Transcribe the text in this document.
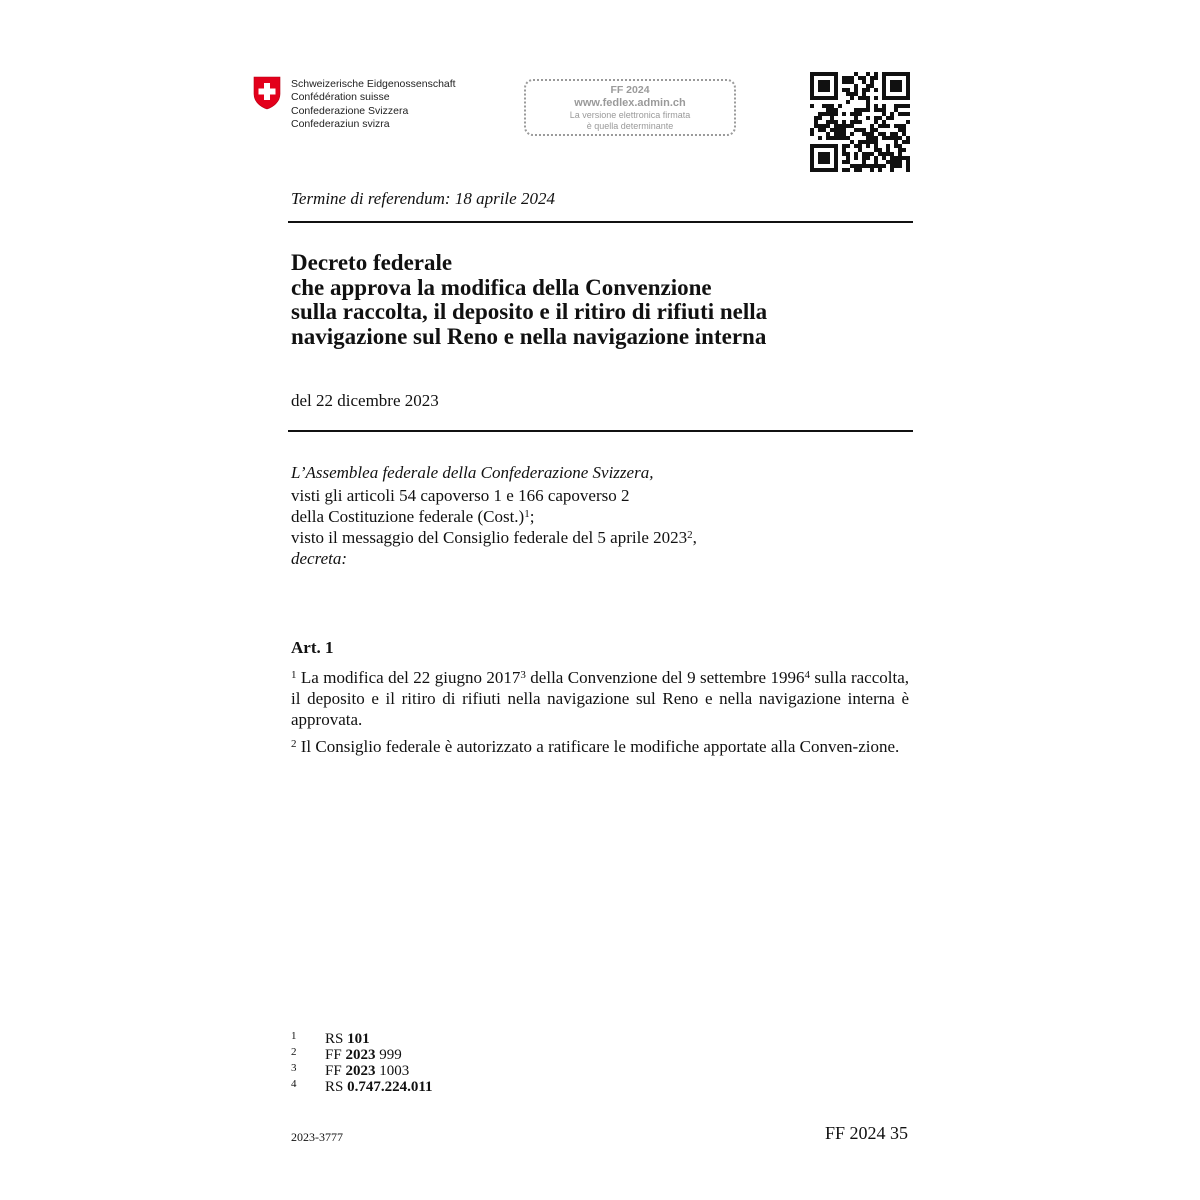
Schweizerische Eidgenossenschaft
Confédération suisse
Confederazione Svizzera
Confederaziun svizra
FF 2024
www.fedlex.admin.ch
La versione elettronica firmata
è quella determinante
Termine di referendum: 18 aprile 2024
Decreto federale
che approva la modifica della Convenzione
sulla raccolta, il deposito e il ritiro di rifiuti nella
navigazione sul Reno e nella navigazione interna
del 22 dicembre 2023
L’Assemblea federale della Confederazione Svizzera,
visti gli articoli 54 capoverso 1 e 166 capoverso 2
della Costituzione federale (Cost.)$^1$;
visto il messaggio del Consiglio federale del 5 aprile 2023$^2$,
decreta:
Art. 1
$^1$ La modifica del 22 giugno 2017$^3$ della Convenzione del 9 settembre 1996$^4$ sulla raccolta, il deposito e il ritiro di rifiuti nella navigazione sul Reno e nella navigazione interna è approvata.
$^2$ Il Consiglio federale è autorizzato a ratificare le modifiche apportate alla Conven-zione.
1 RS 101
2 FF 2023 999
3 FF 2023 1003
4 RS 0.747.224.011
2023-3777	FF 2024 35
